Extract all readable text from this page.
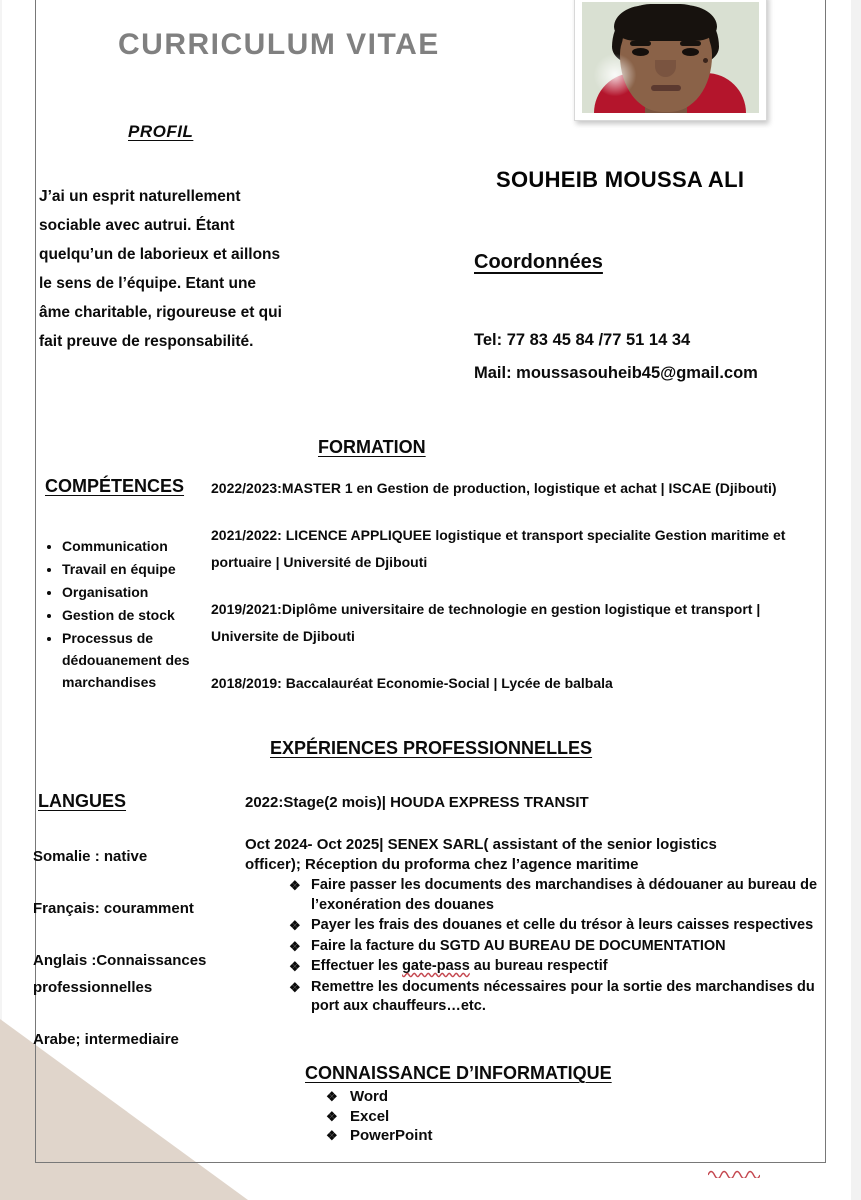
CURRICULUM VITAE
PROFIL
J’ai un esprit naturellement sociable avec autrui. Étant quelqu’un de laborieux et aillons le sens de l’équipe. Etant une âme charitable, rigoureuse et qui fait preuve de responsabilité.
SOUHEIB MOUSSA ALI
Coordonnées
Tel: 77 83 45 84 /77 51 14 34
Mail: moussasouheib45@gmail.com
FORMATION
2022/2023:MASTER 1 en Gestion de production, logistique et achat | ISCAE (Djibouti)
2021/2022: LICENCE APPLIQUEE logistique et transport specialite Gestion maritime et portuaire | Université de Djibouti
2019/2021:Diplôme universitaire de technologie en gestion logistique et transport | Universite de Djibouti
2018/2019: Baccalauréat Economie-Social | Lycée de balbala
COMPÉTENCES
• Communication
• Travail en équipe
• Organisation
• Gestion de stock
• Processus de dédouanement des marchandises
LANGUES
Somalie : native
Français: couramment
Anglais :Connaissances professionnelles
Arabe; intermediaire
EXPÉRIENCES PROFESSIONNELLES
2022:Stage(2 mois)| HOUDA EXPRESS TRANSIT
Oct 2024- Oct 2025| SENEX SARL( assistant of the senior logistics
officer); Réception du proforma chez l’agence maritime
❖ Faire passer les documents des marchandises à dédouaner au bureau de l’exonération des douanes
❖ Payer les frais des douanes et celle du trésor à leurs caisses respectives
❖ Faire la facture du SGTD AU BUREAU DE DOCUMENTATION
❖ Effectuer les gate-pass au bureau respectif
❖ Remettre les documents nécessaires pour la sortie des marchandises du port aux chauffeurs…etc.
CONNAISSANCE D’INFORMATIQUE
❖ Word
❖ Excel
❖ PowerPoint
